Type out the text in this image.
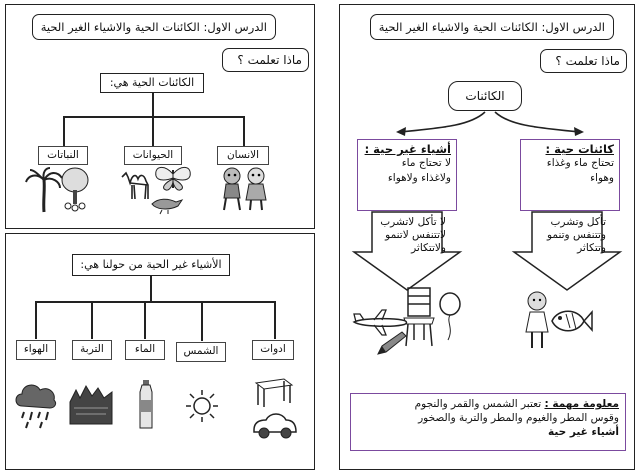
الدرس الاول: الكائنات الحية والاشياء الغير الحية
ماذا تعلمت ؟
الكائنات الحية هي:
النباتات	الحيوانات	الانسان
الأشياء غير الحية من حولنا هي:
الهواء	التربة	الماء	الشمس	ادوات
الدرس الاول: الكائنات الحية والاشياء الغير الحية
ماذا تعلمت ؟
الكائنات
أشياء غير حية :
لا تحتاج ماء
ولاغذاء ولاهواء
كائنات حية :
تحتاج ماء وغذاء
وهواء
لا تأكل لاتشرب
لاتتنفس لاتنمو
ولاتتكاثر
تأكل وتشرب
وتتنفس وتنمو
وتتكاثر
معلومة مهمة : تعتبر الشمس والقمر والنجوم
وقوس المطر والغيوم والمطر والتربة والصخور
أشياء غير حية
